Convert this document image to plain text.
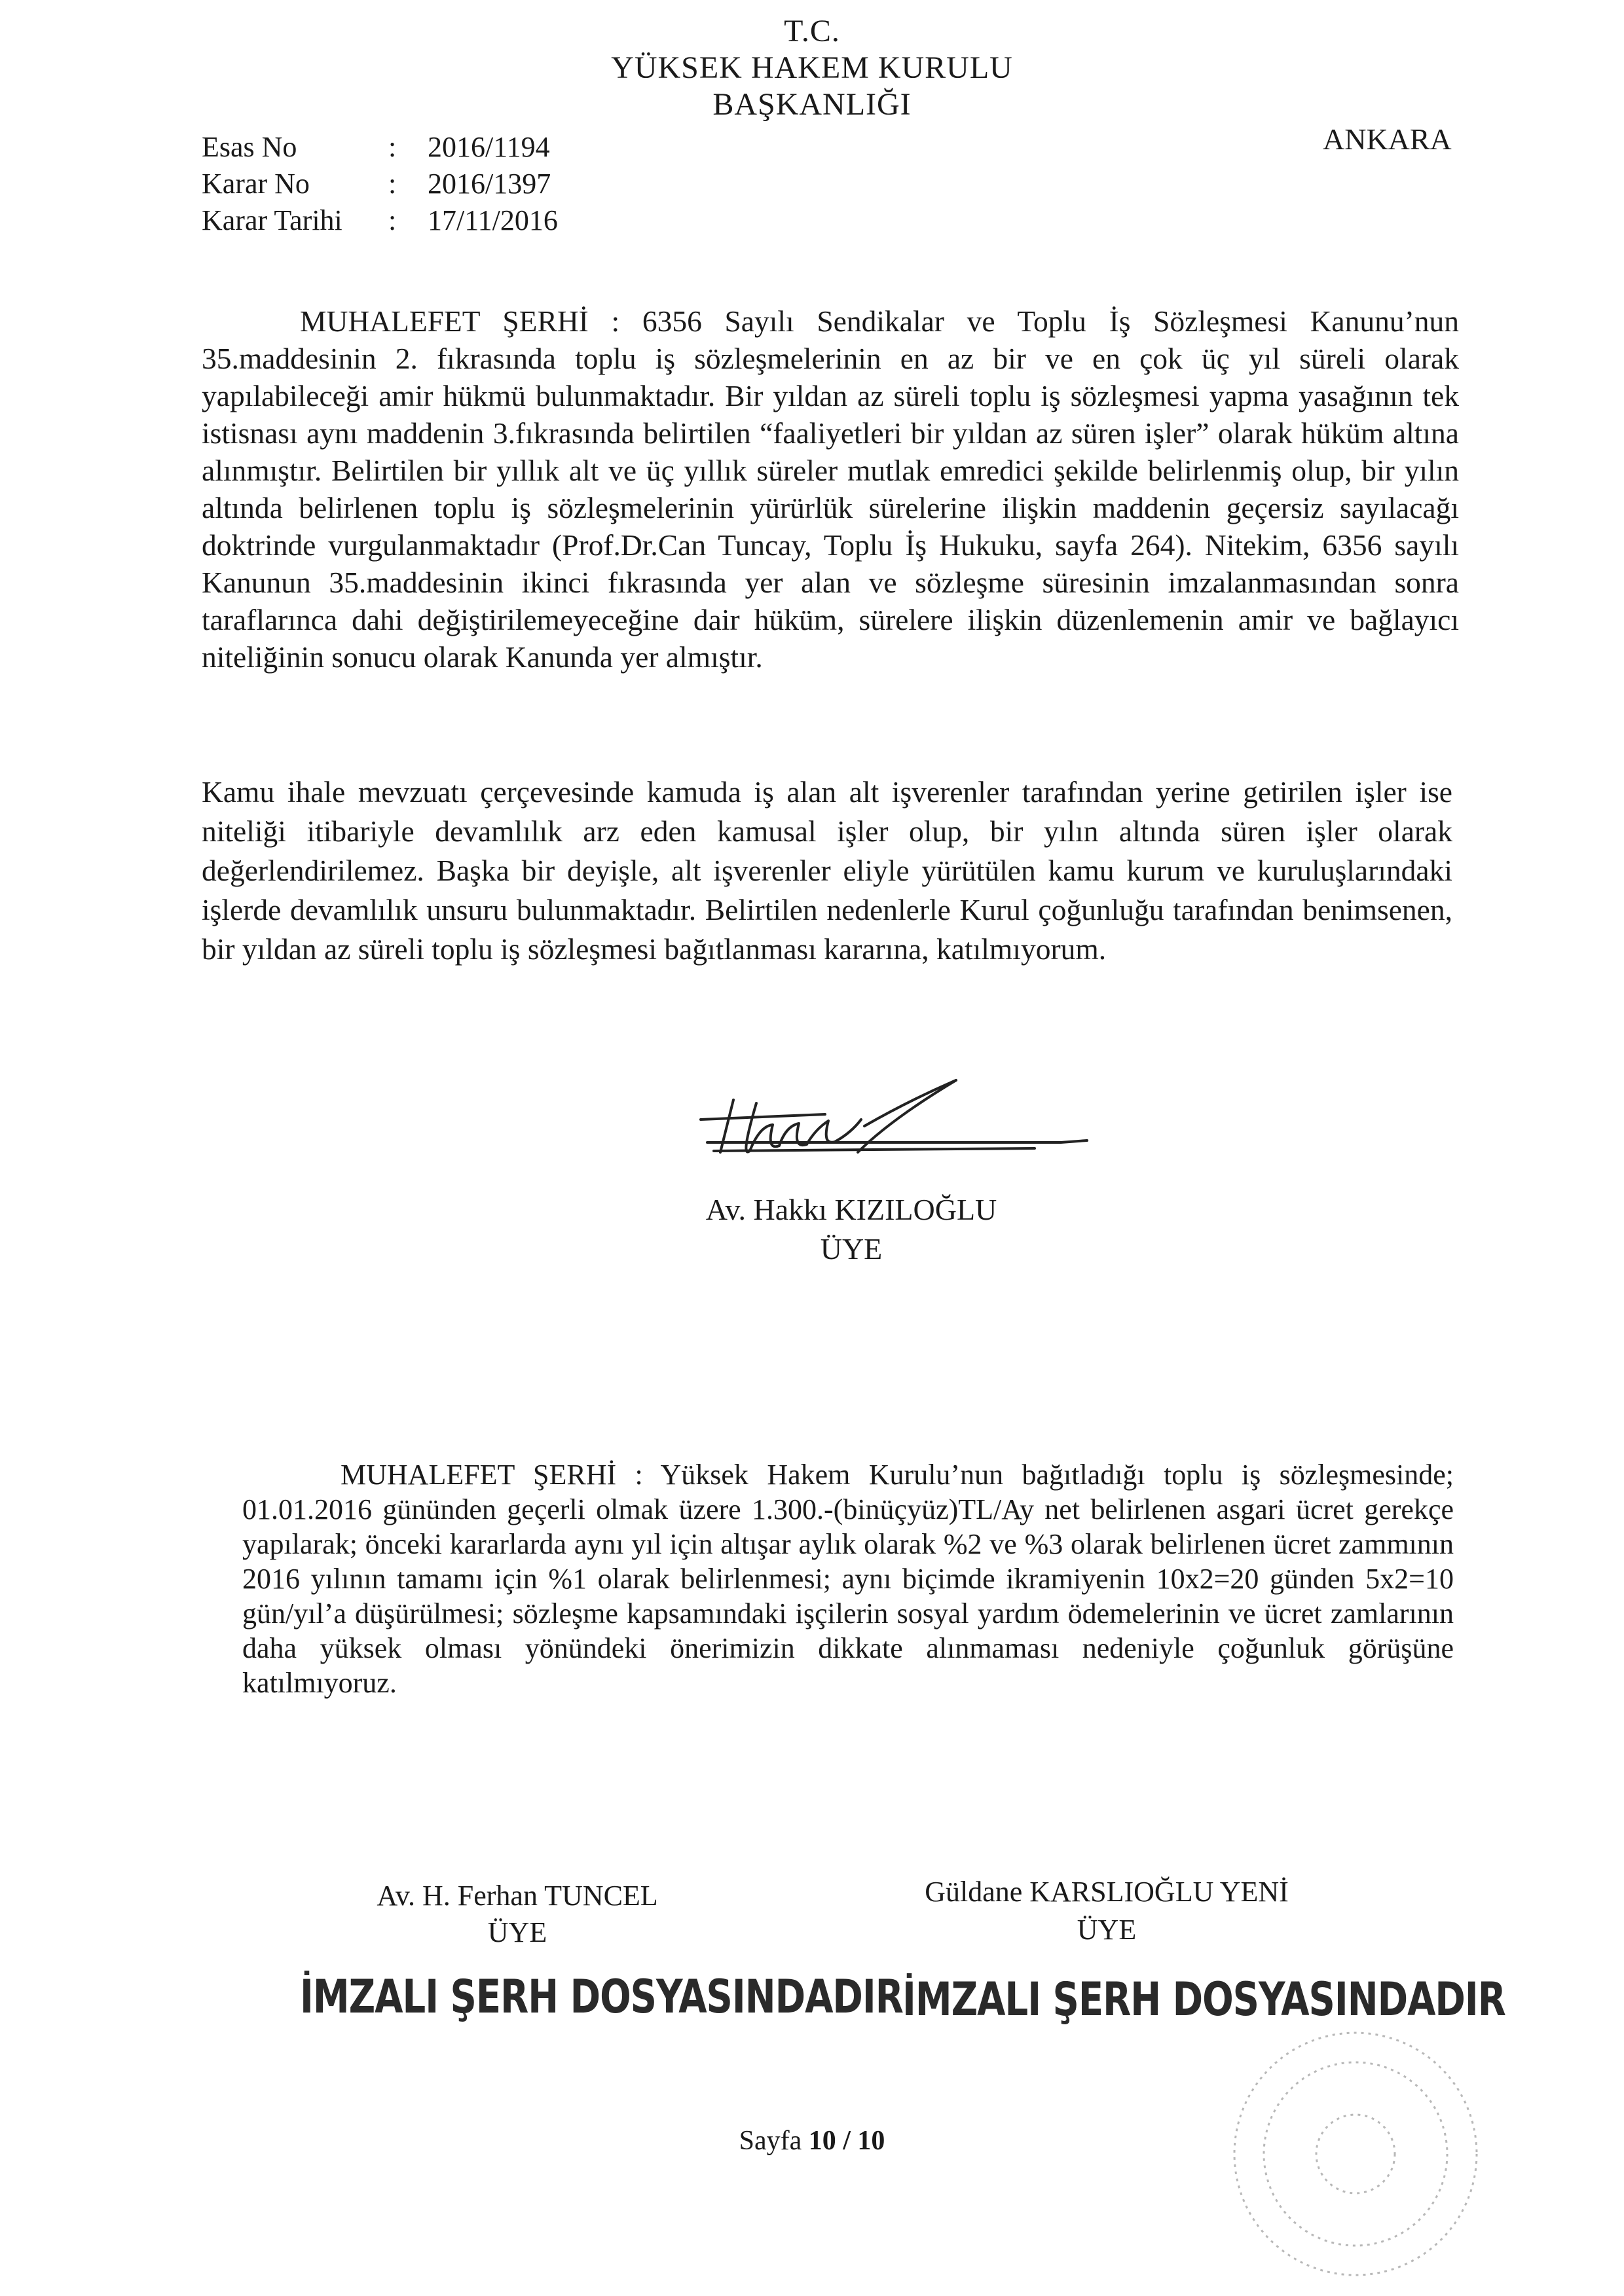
T.C.
YÜKSEK HAKEM KURULU
BAŞKANLIĞI
ANKARA
Esas No	: 2016/1194
Karar No	: 2016/1397
Karar Tarihi : 17/11/2016
MUHALEFET ŞERHİ : 6356 Sayılı Sendikalar ve Toplu İş Sözleşmesi Kanunu’nun 35.maddesinin 2. fıkrasında toplu iş sözleşmelerinin en az bir ve en çok üç yıl süreli olarak yapılabileceği amir hükmü bulunmaktadır. Bir yıldan az süreli toplu iş sözleşmesi yapma yasağının tek istisnası aynı maddenin 3.fıkrasında belirtilen “faaliyetleri bir yıldan az süren işler” olarak hüküm altına alınmıştır. Belirtilen bir yıllık alt ve üç yıllık süreler mutlak emredici şekilde belirlenmiş olup, bir yılın altında belirlenen toplu iş sözleşmelerinin yürürlük sürelerine ilişkin maddenin geçersiz sayılacağı doktrinde vurgulanmaktadır (Prof.Dr.Can Tuncay, Toplu İş Hukuku, sayfa 264). Nitekim, 6356 sayılı Kanunun 35.maddesinin ikinci fıkrasında yer alan ve sözleşme süresinin imzalanmasından sonra taraflarınca dahi değiştirilemeyeceğine dair hüküm, sürelere ilişkin düzenlemenin amir ve bağlayıcı niteliğinin sonucu olarak Kanunda yer almıştır.
Kamu ihale mevzuatı çerçevesinde kamuda iş alan alt işverenler tarafından yerine getirilen işler ise niteliği itibariyle devamlılık arz eden kamusal işler olup, bir yılın altında süren işler olarak değerlendirilemez. Başka bir deyişle, alt işverenler eliyle yürütülen kamu kurum ve kuruluşlarındaki işlerde devamlılık unsuru bulunmaktadır. Belirtilen nedenlerle Kurul çoğunluğu tarafından benimsenen, bir yıldan az süreli toplu iş sözleşmesi bağıtlanması kararına, katılmıyorum.
Av. Hakkı KIZILOĞLU
ÜYE
MUHALEFET ŞERHİ : Yüksek Hakem Kurulu’nun bağıtladığı toplu iş sözleşmesinde; 01.01.2016 gününden geçerli olmak üzere 1.300.-(binüçyüz)TL/Ay net belirlenen asgari ücret gerekçe yapılarak; önceki kararlarda aynı yıl için altışar aylık olarak %2 ve %3 olarak belirlenen ücret zammının 2016 yılının tamamı için %1 olarak belirlenmesi; aynı biçimde ikramiyenin 10x2=20 günden 5x2=10 gün/yıl’a düşürülmesi; sözleşme kapsamındaki işçilerin sosyal yardım ödemelerinin ve ücret zamlarının daha yüksek olması yönündeki önerimizin dikkate alınmaması nedeniyle çoğunluk görüşüne katılmıyoruz.
Av. H. Ferhan TUNCEL
ÜYE
İMZALI ŞERH DOSYASINDADIR
Güldane KARSLIOĞLU YENİ
ÜYE
İMZALI ŞERH DOSYASINDADIR
Sayfa 10 / 10
